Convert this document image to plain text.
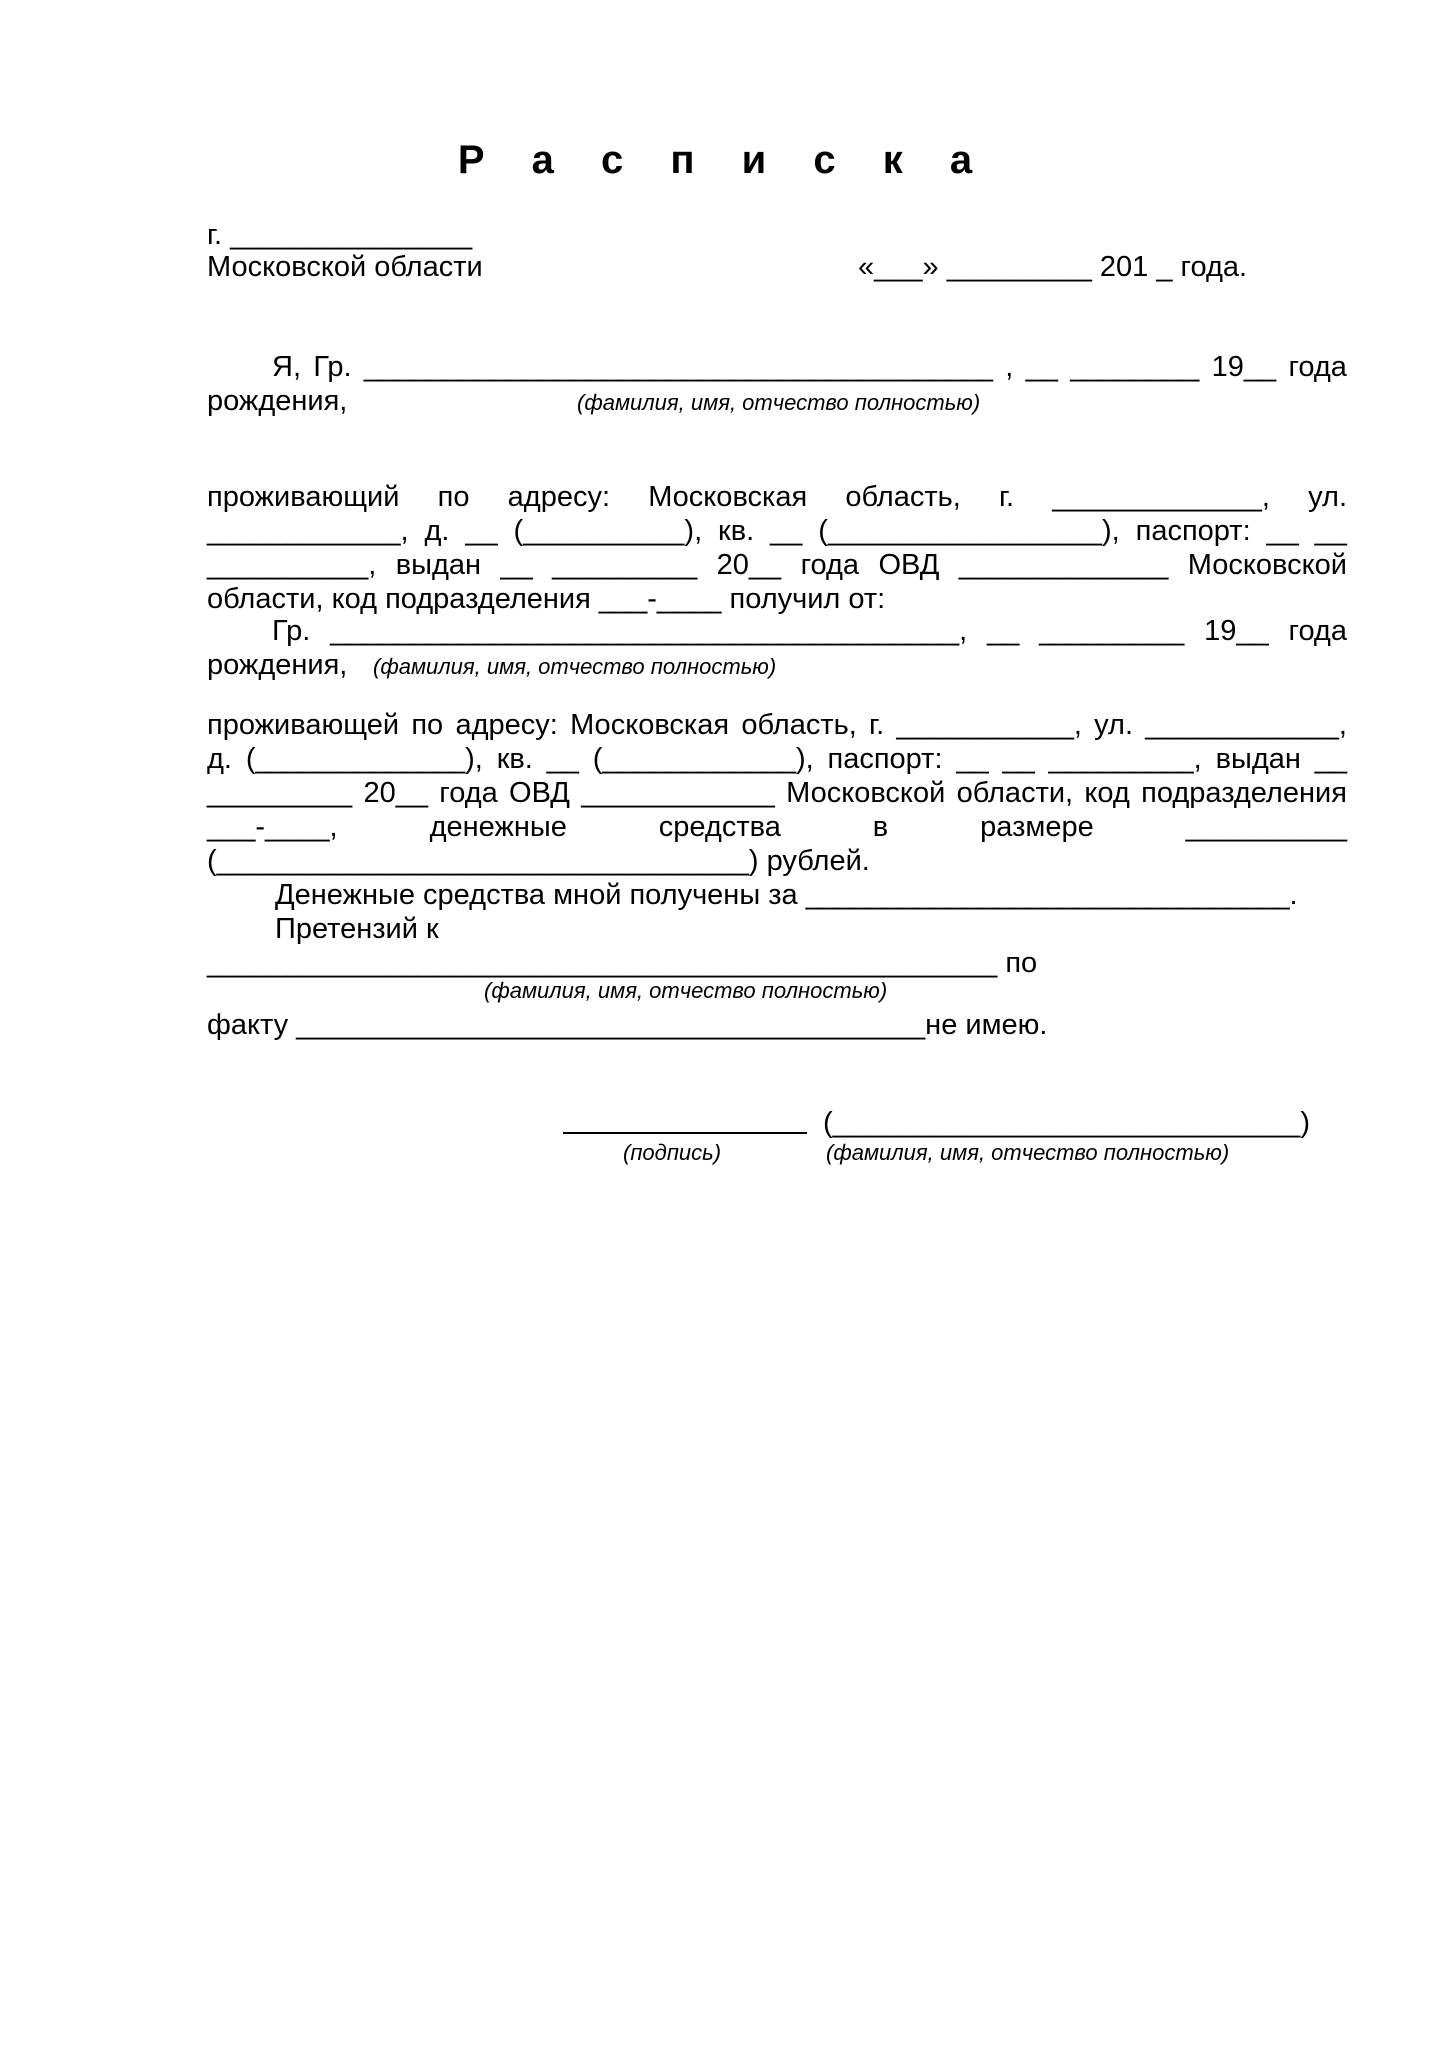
Р а с п и с к а
г. _______________
Московской области	«___» _________ 201 _ года.
Я, Гр. _______________________________________ , __ ________ 19__ года
рождения,	(фамилия, имя, отчество полностью)
проживающий по адресу: Московская область, г. _____________, ул.
____________, д. __ (__________), кв. __ (_________________), паспорт: __ __
__________, выдан __ _________ 20__ года ОВД _____________ Московской
области, код подразделения ___-____ получил от:
Гр. _______________________________________, __ _________ 19__ года
рождения, (фамилия, имя, отчество полностью)
проживающей по адресу: Московская область, г. ___________, ул. ____________,
д. (_____________), кв. __ (____________), паспорт: __ __ _________, выдан __
_________ 20__ года ОВД ____________ Московской области, код подразделения
___-____,	денежные	средства	в	размере	__________
(_________________________________) рублей.
Денежные средства мной получены за ______________________________.
Претензий к
_________________________________________________ по
(фамилия, имя, отчество полностью)
факту _______________________________________не имею.
(_____________________________)
(подпись)	(фамилия, имя, отчество полностью)
